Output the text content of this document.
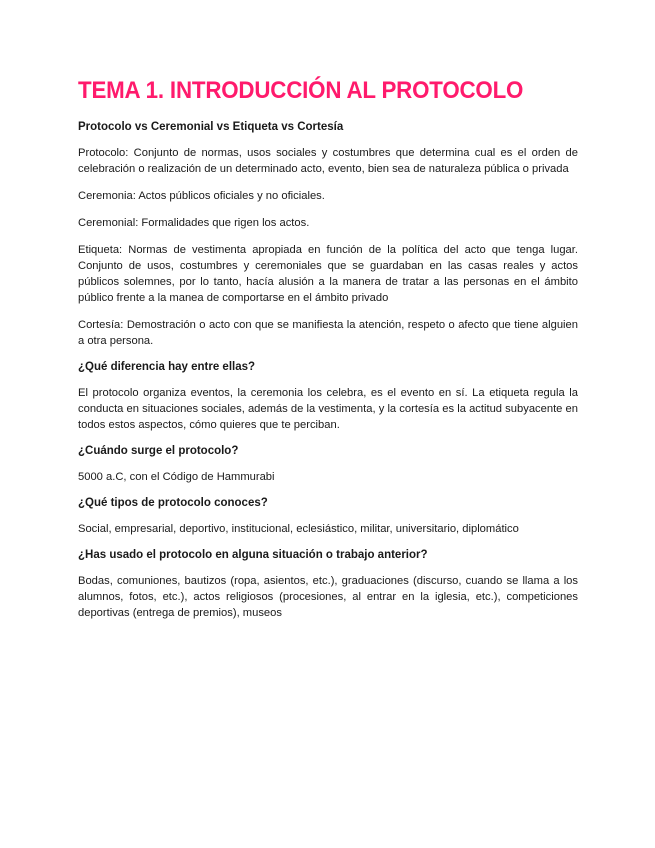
TEMA 1. INTRODUCCIÓN AL PROTOCOLO
Protocolo vs Ceremonial vs Etiqueta vs Cortesía

Protocolo: Conjunto de normas, usos sociales y costumbres que determina cual es el orden de celebración o realización de un determinado acto, evento, bien sea de naturaleza pública o privada

Ceremonia: Actos públicos oficiales y no oficiales.

Ceremonial: Formalidades que rigen los actos.

Etiqueta: Normas de vestimenta apropiada en función de la política del acto que tenga lugar. Conjunto de usos, costumbres y ceremoniales que se guardaban en las casas reales y actos públicos solemnes, por lo tanto, hacía alusión a la manera de tratar a las personas en el ámbito público frente a la manea de comportarse en el ámbito privado

Cortesía: Demostración o acto con que se manifiesta la atención, respeto o afecto que tiene alguien a otra persona.

¿Qué diferencia hay entre ellas?

El protocolo organiza eventos, la ceremonia los celebra, es el evento en sí. La etiqueta regula la conducta en situaciones sociales, además de la vestimenta, y la cortesía es la actitud subyacente en todos estos aspectos, cómo quieres que te perciban.

¿Cuándo surge el protocolo?

5000 a.C, con el Código de Hammurabi

¿Qué tipos de protocolo conoces?

Social, empresarial, deportivo, institucional, eclesiástico, militar, universitario, diplomático

¿Has usado el protocolo en alguna situación o trabajo anterior?

Bodas, comuniones, bautizos (ropa, asientos, etc.), graduaciones (discurso, cuando se llama a los alumnos, fotos, etc.), actos religiosos (procesiones, al entrar en la iglesia, etc.), competiciones deportivas (entrega de premios), museos
